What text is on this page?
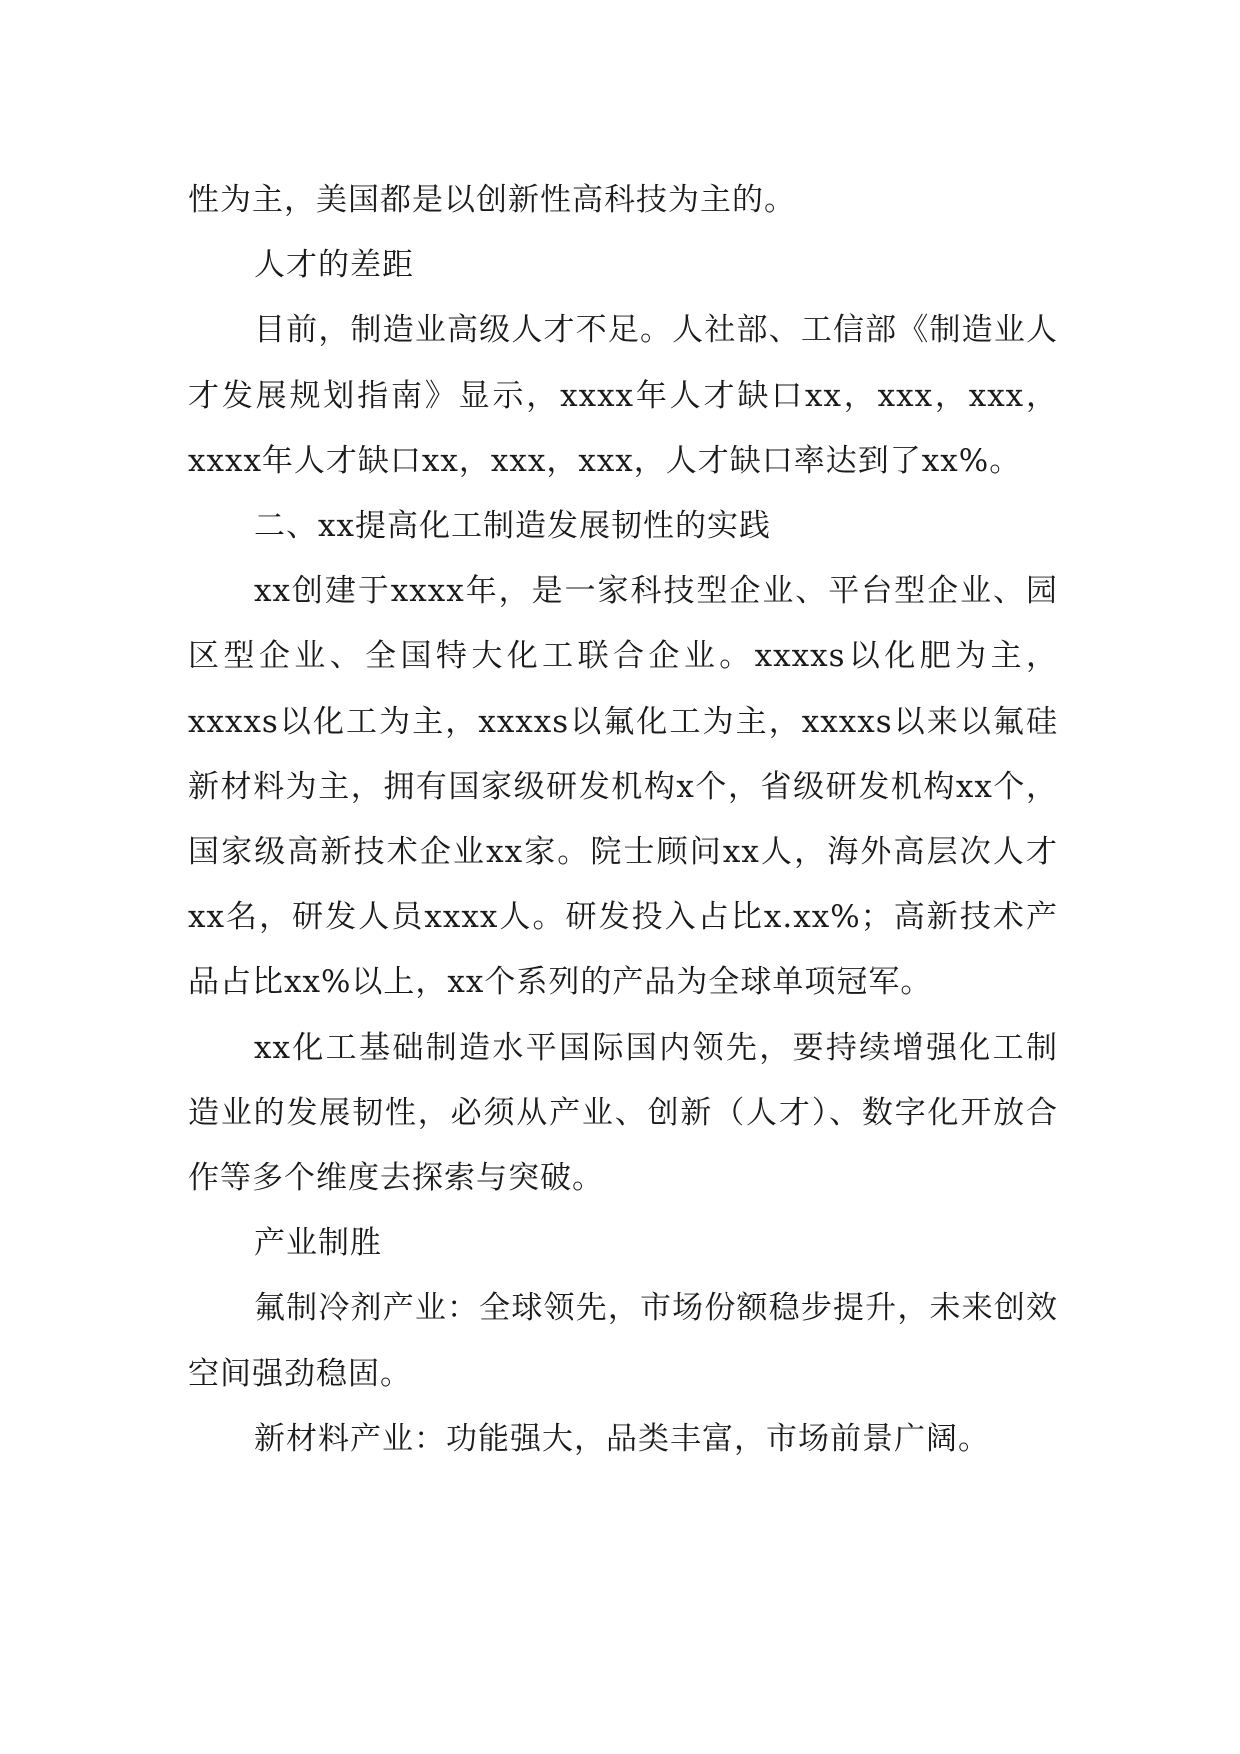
性为主，美国都是以创新性高科技为主的。

人才的差距

目前，制造业高级人才不足。人社部、工信部《制造业人才发展规划指南》显示，xxxx年人才缺口xx，xxx，xxx，xxxx年人才缺口xx，xxx，xxx，人才缺口率达到了xx%。

二、xx提高化工制造发展韧性的实践

xx创建于xxxx年，是一家科技型企业、平台型企业、园区型企业、全国特大化工联合企业。xxxxs以化肥为主，xxxxs以化工为主，xxxxs以氟化工为主，xxxxs以来以氟硅新材料为主，拥有国家级研发机构x个，省级研发机构xx个，国家级高新技术企业xx家。院士顾问xx人，海外高层次人才xx名，研发人员xxxx人。研发投入占比x.xx%；高新技术产品占比xx%以上，xx个系列的产品为全球单项冠军。

xx化工基础制造水平国际国内领先，要持续增强化工制造业的发展韧性，必须从产业、创新（人才）、数字化开放合作等多个维度去探索与突破。

产业制胜

氟制冷剂产业：全球领先，市场份额稳步提升，未来创效空间强劲稳固。

新材料产业：功能强大，品类丰富，市场前景广阔。
